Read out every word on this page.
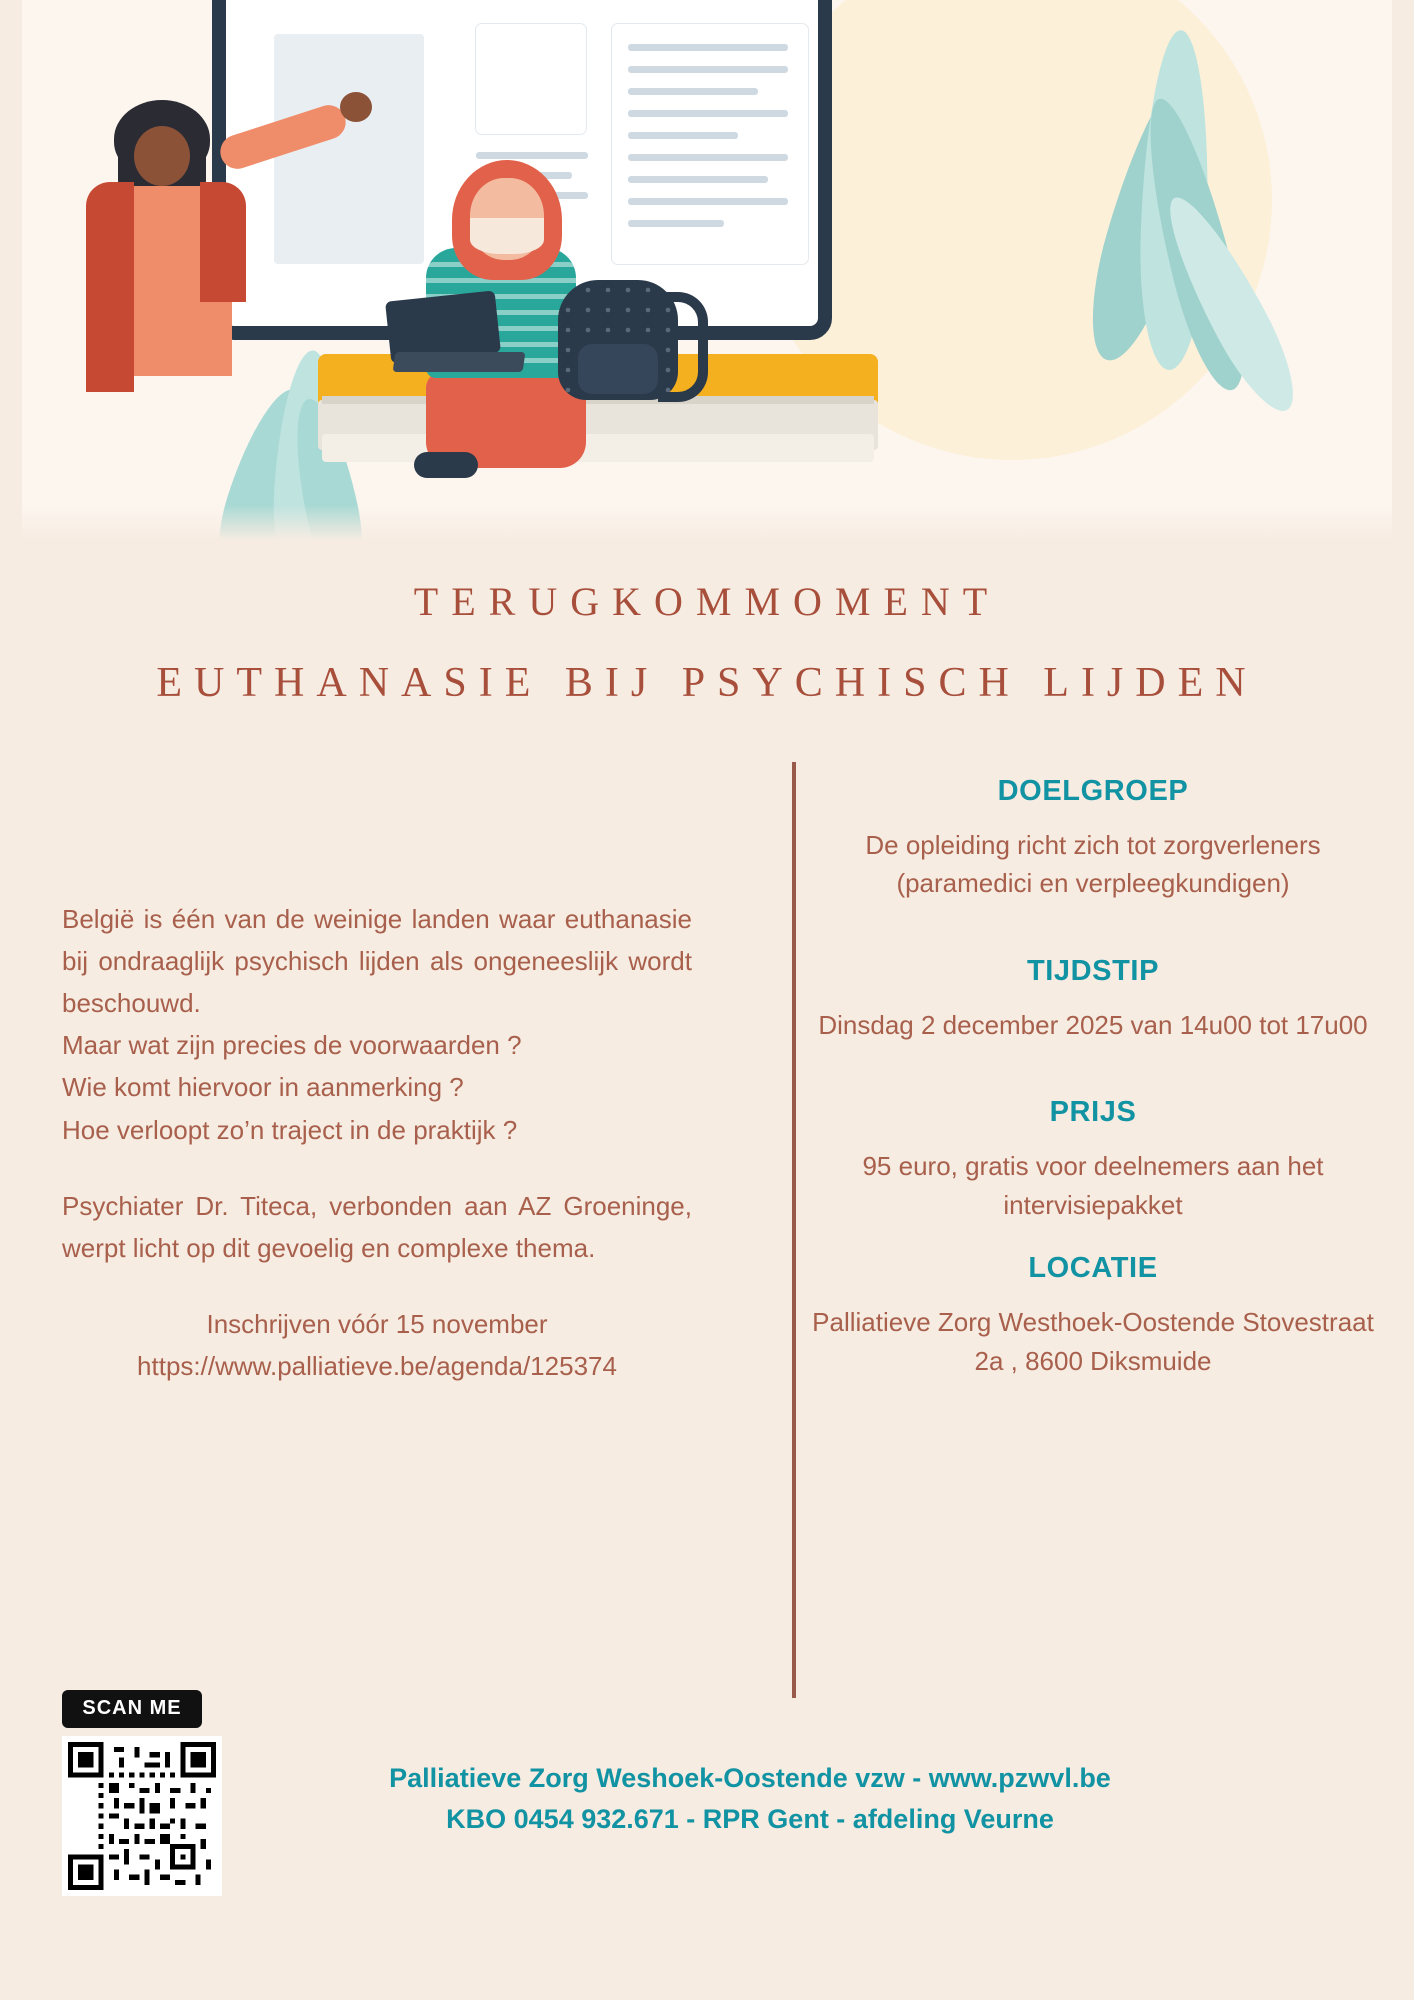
TERUGKOMMOMENT
EUTHANASIE BIJ PSYCHISCH LIJDEN

België is één van de weinige landen waar euthanasie bij ondraaglijk psychisch lijden als ongeneeslijk wordt beschouwd.

Maar wat zijn precies de voorwaarden ?

Wie komt hiervoor in aanmerking ?

Hoe verloopt zo’n traject in de praktijk ?

Psychiater Dr. Titeca, verbonden aan AZ Groeninge, werpt licht op dit gevoelig en complexe thema.

Inschrijven vóór 15 november

https://www.palliatieve.be/agenda/125374

DOELGROEP
De opleiding richt zich tot zorgverleners (paramedici en verpleegkundigen)
TIJDSTIP
Dinsdag 2 december 2025 van 14u00 tot 17u00
PRIJS
95 euro, gratis voor deelnemers aan het intervisiepakket
LOCATIE
Palliatieve Zorg Westhoek-Oostende Stovestraat 2a , 8600 Diksmuide
SCAN ME
Palliatieve Zorg Weshoek-Oostende vzw - www.pzwvl.be
KBO 0454 932.671 - RPR Gent - afdeling Veurne
